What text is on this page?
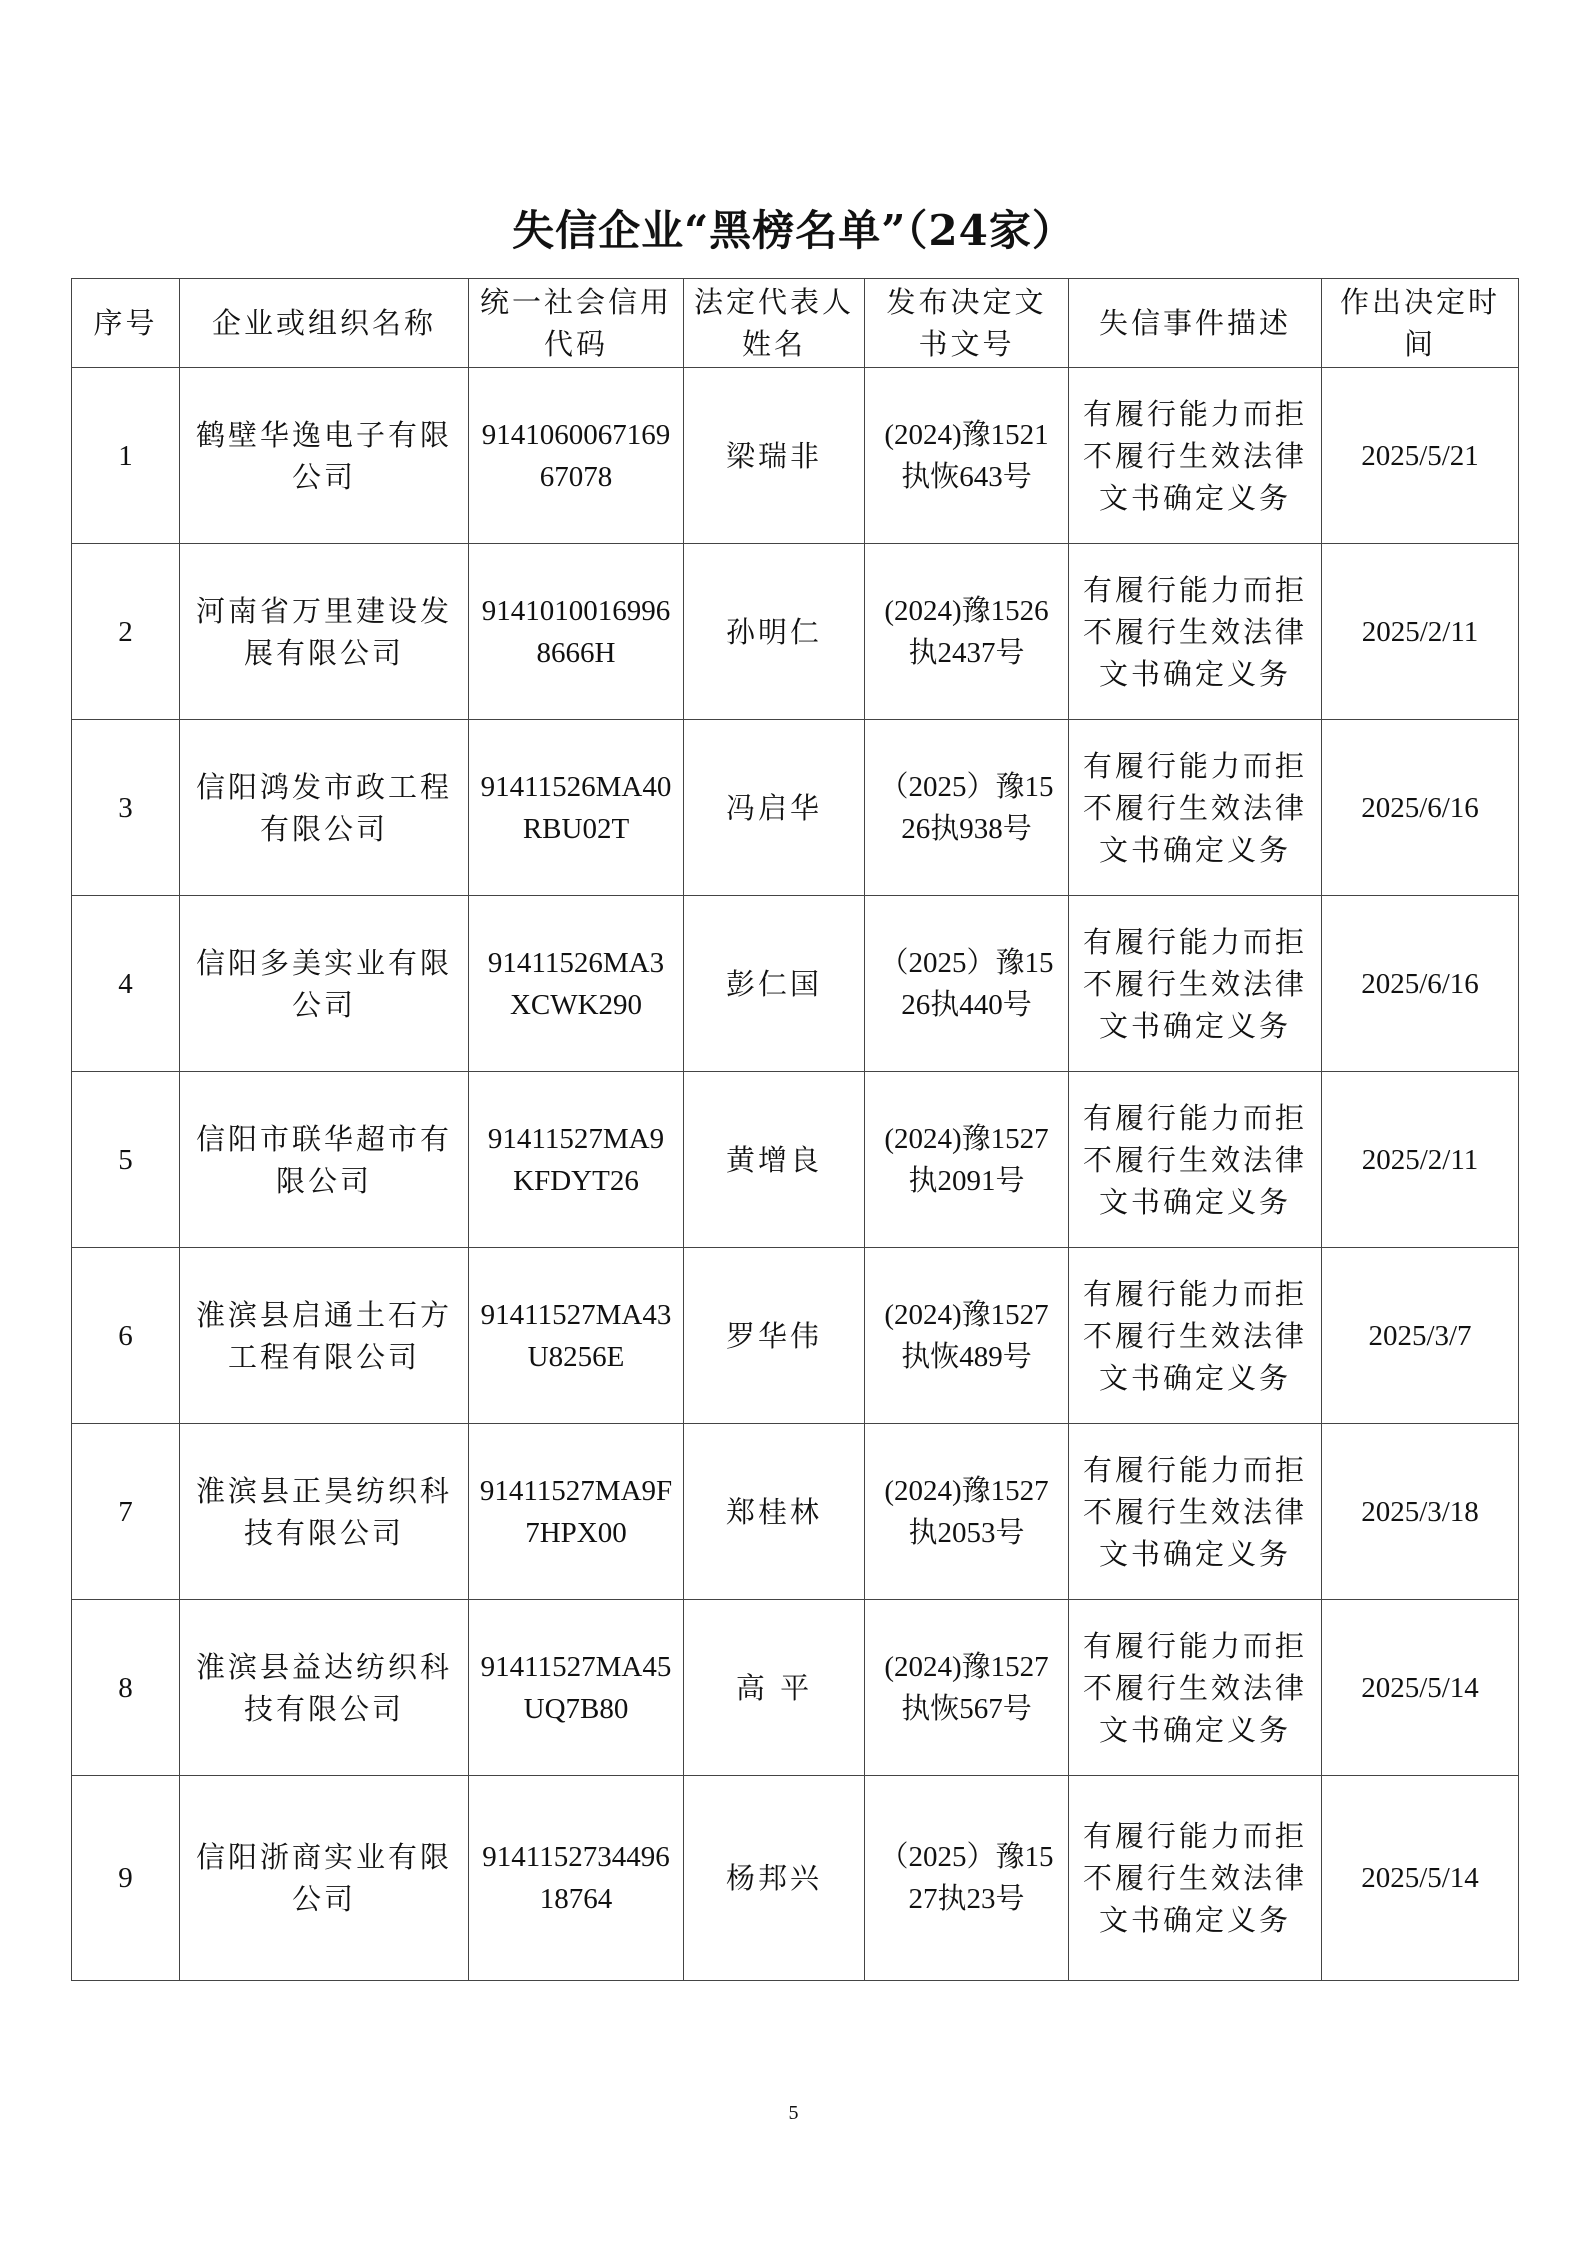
失信企业“黑榜名单”（24家）
序号	企业或组织名称	统一社会信用代码	法定代表人姓名	发布决定文书文号	失信事件描述	作出决定时间
1	鹤壁华逸电子有限公司	914106006716967078	梁瑞非	(2024)豫1521执恢643号	有履行能力而拒不履行生效法律文书确定义务	2025/5/21
2	河南省万里建设发展有限公司	91410100169968666H	孙明仁	(2024)豫1526执2437号	有履行能力而拒不履行生效法律文书确定义务	2025/2/11
3	信阳鸿发市政工程有限公司	91411526MA40RBU02T	冯启华	（2025）豫1526执938号	有履行能力而拒不履行生效法律文书确定义务	2025/6/16
4	信阳多美实业有限公司	91411526MA3XCWK290	彭仁国	（2025）豫1526执440号	有履行能力而拒不履行生效法律文书确定义务	2025/6/16
5	信阳市联华超市有限公司	91411527MA9KFDYT26	黄增良	(2024)豫1527执2091号	有履行能力而拒不履行生效法律文书确定义务	2025/2/11
6	淮滨县启通土石方工程有限公司	91411527MA43U8256E	罗华伟	(2024)豫1527执恢489号	有履行能力而拒不履行生效法律文书确定义务	2025/3/7
7	淮滨县正昊纺织科技有限公司	91411527MA9F7HPX00	郑桂林	(2024)豫1527执2053号	有履行能力而拒不履行生效法律文书确定义务	2025/3/18
8	淮滨县益达纺织科技有限公司	91411527MA45UQ7B80	高 平	(2024)豫1527执恢567号	有履行能力而拒不履行生效法律文书确定义务	2025/5/14
9	信阳浙商实业有限公司	914115273449618764	杨邦兴	（2025）豫1527执23号	有履行能力而拒不履行生效法律文书确定义务	2025/5/14
5
